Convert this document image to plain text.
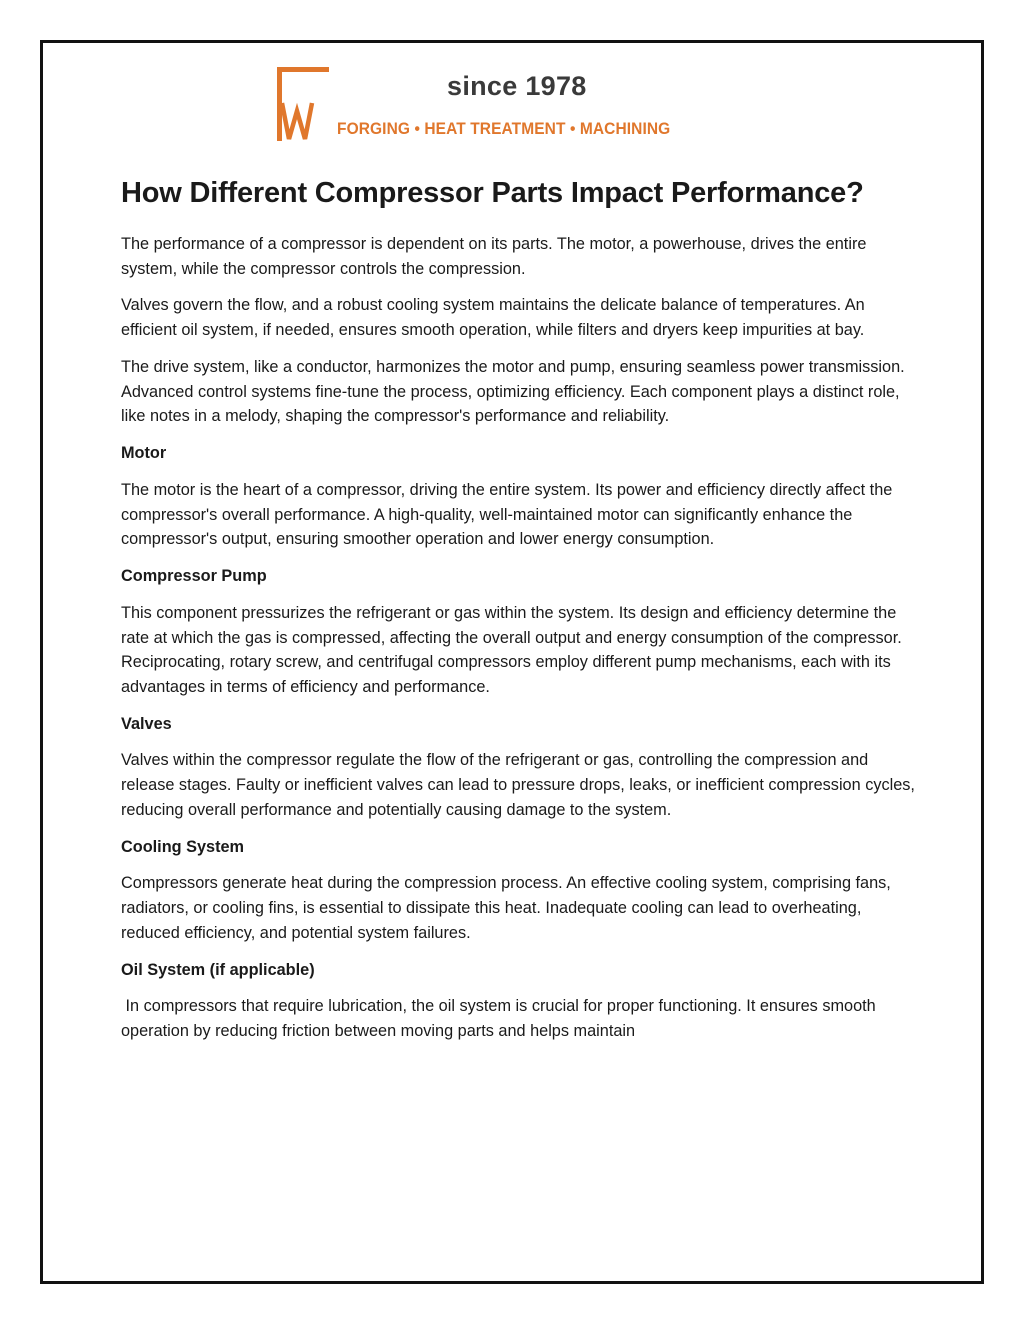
since 1978
FORGING • HEAT TREATMENT • MACHINING
How Different Compressor Parts Impact Performance?

The performance of a compressor is dependent on its parts. The motor, a powerhouse, drives the entire system, while the compressor controls the compression.

Valves govern the flow, and a robust cooling system maintains the delicate balance of temperatures. An efficient oil system, if needed, ensures smooth operation, while filters and dryers keep impurities at bay.

The drive system, like a conductor, harmonizes the motor and pump, ensuring seamless power transmission. Advanced control systems fine-tune the process, optimizing efficiency. Each component plays a distinct role, like notes in a melody, shaping the compressor's performance and reliability.

Motor

The motor is the heart of a compressor, driving the entire system. Its power and efficiency directly affect the compressor's overall performance. A high-quality, well-maintained motor can significantly enhance the compressor's output, ensuring smoother operation and lower energy consumption.

Compressor Pump

This component pressurizes the refrigerant or gas within the system. Its design and efficiency determine the rate at which the gas is compressed, affecting the overall output and energy consumption of the compressor. Reciprocating, rotary screw, and centrifugal compressors employ different pump mechanisms, each with its advantages in terms of efficiency and performance.

Valves

Valves within the compressor regulate the flow of the refrigerant or gas, controlling the compression and release stages. Faulty or inefficient valves can lead to pressure drops, leaks, or inefficient compression cycles, reducing overall performance and potentially causing damage to the system.

Cooling System

Compressors generate heat during the compression process. An effective cooling system, comprising fans, radiators, or cooling fins, is essential to dissipate this heat. Inadequate cooling can lead to overheating, reduced efficiency, and potential system failures.

Oil System (if applicable)

In compressors that require lubrication, the oil system is crucial for proper functioning. It ensures smooth operation by reducing friction between moving parts and helps maintain
